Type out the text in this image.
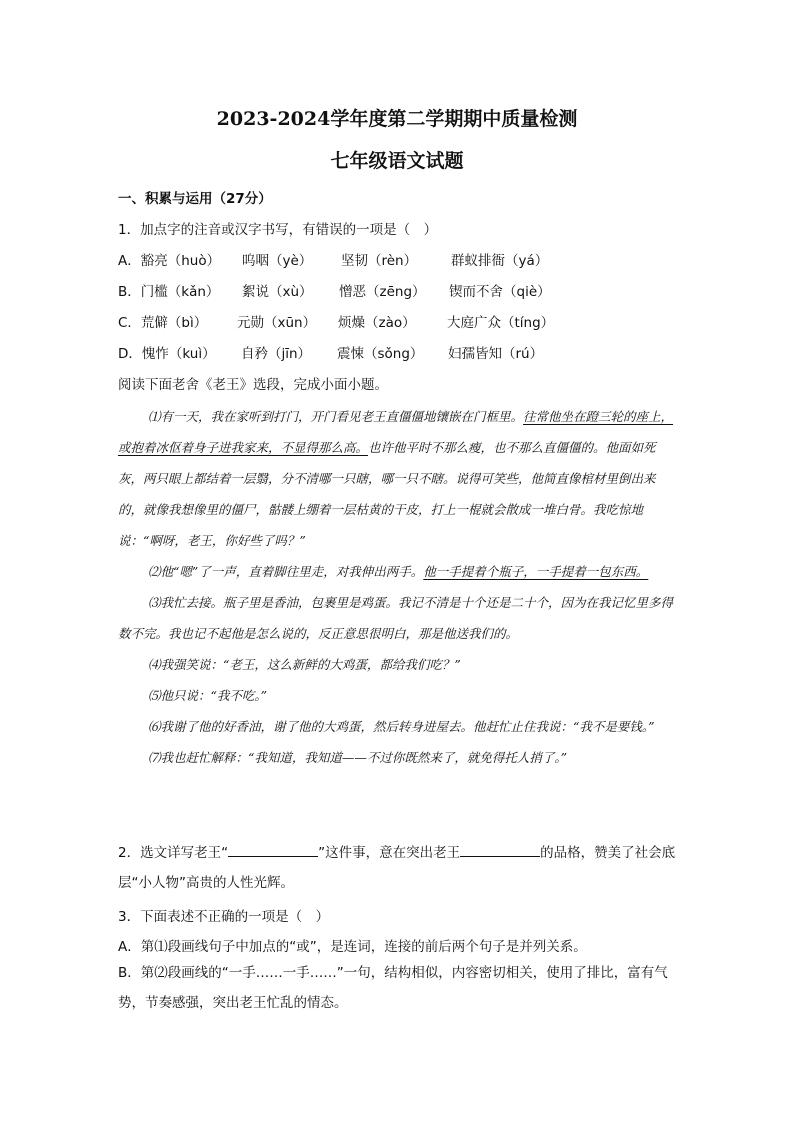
2023-2024学年度第二学期期中质量检测
七年级语文试题
一、积累与运用（27分）
1．加点字的注音或汉字书写，有错误的一项是（　）
A．豁亮（huò） 呜咽（yè） 坚韧（rèn）	群蚁排衙（yá）
B．门槛（kǎn） 絮说（xù） 憎恶（zēng） 锲而不舍（qiè）
C．荒僻（bì） 元勋（xūn） 烦燥（zào） 大庭广众（tíng）
D．愧怍（kuì） 自矜（jīn） 震悚（sǒng） 妇孺皆知（rú）
阅读下面老舍《老王》选段，完成小面小题。

⑴有一天，我在家听到打门，开门看见老王直僵僵地镶嵌在门框里。往常他坐在蹬三轮的座上，或抱着冰伛着身子进我家来，不显得那么高。也许他平时不那么瘦，也不那么直僵僵的。他面如死灰，两只眼上都结着一层翳，分不清哪一只瞎，哪一只不瞎。说得可笑些，他简直像棺材里倒出来的，就像我想像里的僵尸，骷髅上绷着一层枯黄的干皮，打上一棍就会散成一堆白骨。我吃惊地说：“啊呀，老王，你好些了吗？”

⑵他“嗯”了一声，直着脚往里走，对我伸出两手。他一手提着个瓶子，一手提着一包东西。

⑶我忙去接。瓶子里是香油，包裹里是鸡蛋。我记不清是十个还是二十个，因为在我记忆里多得数不完。我也记不起他是怎么说的，反正意思很明白，那是他送我们的。

⑷我强笑说：“老王，这么新鲜的大鸡蛋，都给我们吃？”

⑸他只说：“我不吃。”

⑹我谢了他的好香油，谢了他的大鸡蛋，然后转身进屋去。他赶忙止住我说：“我不是要钱。”

⑺我也赶忙解释：“我知道，我知道——不过你既然来了，就免得托人捎了。”

2．选文详写老王“	”这件事，意在突出老王	的品格，赞美了社会底层“小人物”高贵的人性光辉。

3．下面表述不正确的一项是（　）
A．第⑴段画线句子中加点的“或”，是连词，连接的前后两个句子是并列关系。

B．第⑵段画线的“一手……一手……”一句，结构相似，内容密切相关，使用了排比，富有气势，节奏感强，突出老王忙乱的情态。
